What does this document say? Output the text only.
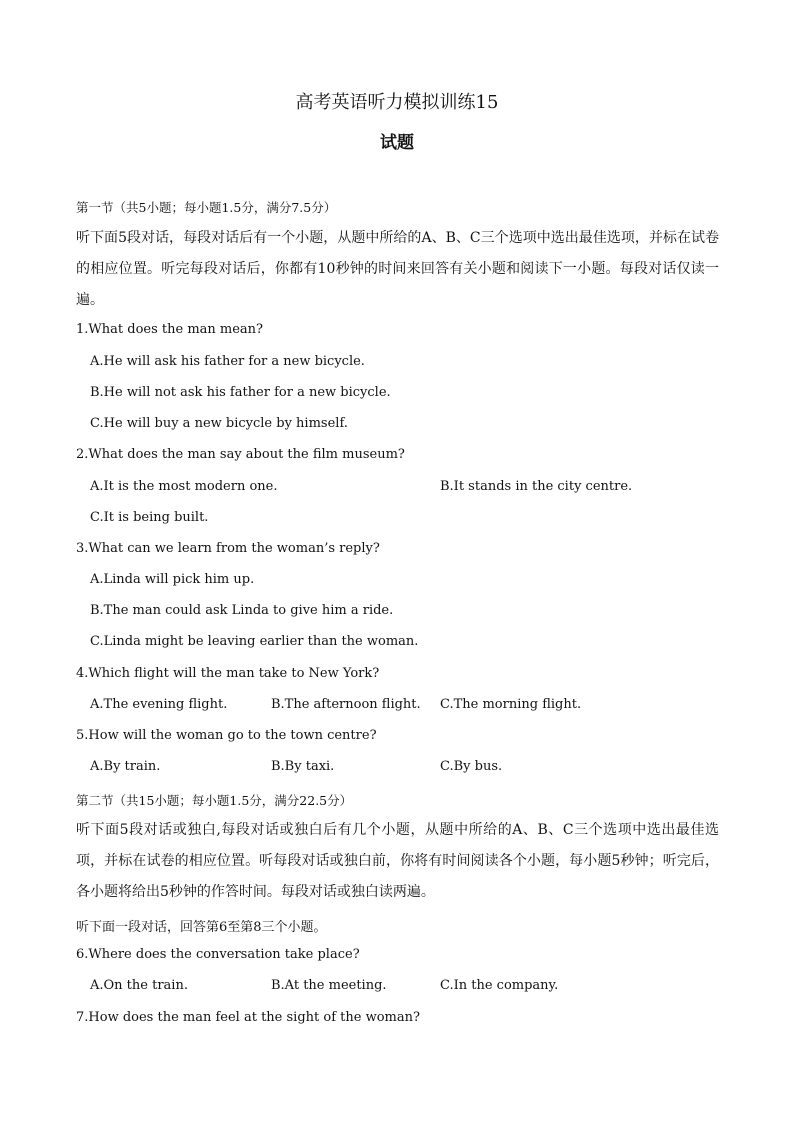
高考英语听力模拟训练15
试题
第一节（共5小题；每小题1.5分，满分7.5分）
听下面5段对话，每段对话后有一个小题，从题中所给的A、B、C三个选项中选出最佳选项，并标在试卷的相应位置。听完每段对话后，你都有10秒钟的时间来回答有关小题和阅读下一小题。每段对话仅读一遍。
1.What does the man mean?
A.He will ask his father for a new bicycle.
B.He will not ask his father for a new bicycle.
C.He will buy a new bicycle by himself.
2.What does the man say about the film museum?
A.It is the most modern one.	B.It stands in the city centre.
C.It is being built.
3.What can we learn from the woman’s reply?
A.Linda will pick him up.
B.The man could ask Linda to give him a ride.
C.Linda might be leaving earlier than the woman.
4.Which flight will the man take to New York?
A.The evening flight.	B.The afternoon flight. C.The morning flight.
5.How will the woman go to the town centre?
A.By train.	B.By taxi.	C.By bus.
第二节（共15小题；每小题1.5分，满分22.5分）
听下面5段对话或独白,每段对话或独白后有几个小题，从题中所给的A、B、C三个选项中选出最佳选项，并标在试卷的相应位置。听每段对话或独白前，你将有时间阅读各个小题，每小题5秒钟；听完后，各小题将给出5秒钟的作答时间。每段对话或独白读两遍。
听下面一段对话，回答第6至第8三个小题。
6.Where does the conversation take place?
A.On the train.	B.At the meeting.	C.In the company.
7.How does the man feel at the sight of the woman?
